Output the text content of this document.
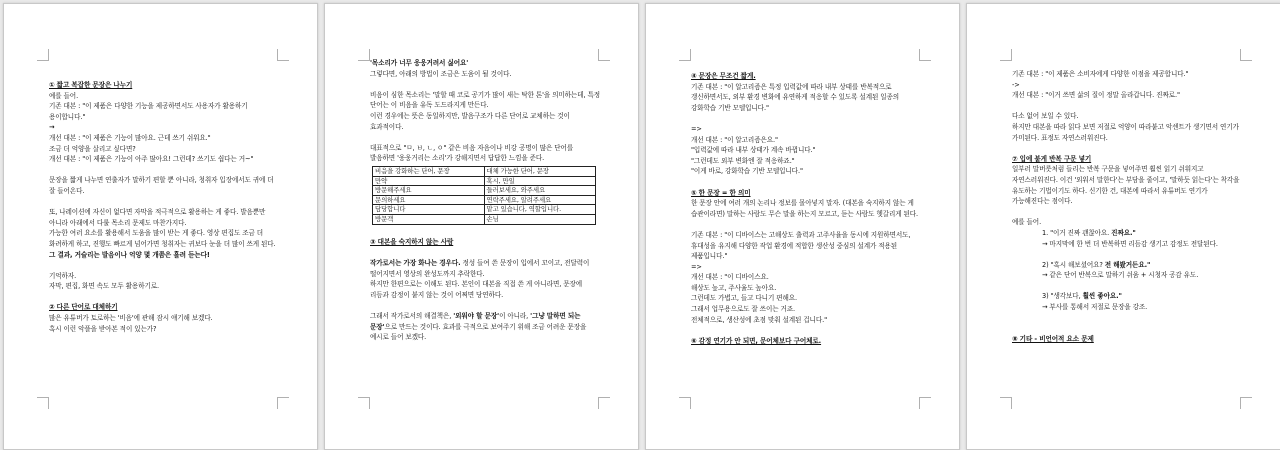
① 짧고 복잡한 문장은 나누기

예를 들어.

기존 대본 : "이 제품은 다양한 기능을 제공하면서도 사용자가 활용하기 용이합니다."

→

개선 대본 : "이 제품은 기능이 많아요. 근데 쓰기 쉬워요."

조금 더 억양을 살리고 싶다면?

개선 대본 : "이 제품은 기능이 아주 많아요! 그런데? 쓰기도 쉽다는 거~"

문장을 짧게 나누면 연출자가 말하기 편할 뿐 아니라, 청취자 입장에서도 귀에 더 잘 들어온다.

또, 나레이션에 자신이 없다면 자막을 적극적으로 활용하는 게 좋다. 발음뿐만 아니라 아래에서 다룰 목소리 문제도 마찬가지다.

가능한 여러 요소를 활용해서 도움을 많이 받는 게 좋다. 영상 편집도 조금 더 화려하게 하고, 진행도 빠르게 넘어가면 청취자는 귀보다 눈을 더 많이 쓰게 된다. 그 결과, 거슬리는 발음이나 억양 몇 개쯤은 흘려 듣는다!

기억하자.

자막, 편집, 화면 속도 모두 활용하기로.

② 다른 단어로 대체하기

많은 유튜버가 토로하는 '비음'에 관해 잠시 얘기해 보겠다.

혹시 이런 악플을 받아본 적이 있는가?

'목소리가 너무 웅웅거려서 싫어요'

그렇다면, 아래의 방법이 조금은 도움이 될 것이다.

비음이 심한 목소리는 '말할 때 코로 공기가 많이 새는 탁한 톤'을 의미하는데, 특정 단어는 이 비음을 유독 도드라지게 만든다.

이런 경우에는 뜻은 동일하지만, 발음구조가 다른 단어로 교체하는 것이 효과적이다.

대표적으로 "ㅁ, ㅂ, ㄴ, ㅇ" 같은 비음 자음이나 비강 공명이 많은 단어를 발음하면 '웅웅거리는 소리'가 강해지면서 답답한 느낌을 준다.

비음을 강화하는 단어, 문장	대체 가능한 단어, 문장
만약	혹시, 만일
방문해주세요	들러보세요, 와주세요
문의하세요	연락주세요, 알려주세요
담당합니다	맡고 있습니다, 역할입니다.
방문객	손님

③ 대본을 숙지하지 않는 사람

작가로서는 가장 화나는 경우다. 정성 들여 쓴 문장이 입에서 꼬이고, 전달력이 떨어지면서 영상의 완성도까지 추락한다.

하지만 한편으로는 이해도 된다. 본인이 대본을 직접 쓴 게 아니라면, 문장에 리듬과 감정이 붙지 않는 것이 어쩌면 당연하다.

그래서 작가로서의 해결책은, '외워야 할 문장'이 아니라, '그냥 말하면 되는 문장'으로 만드는 것이다. 효과를 극적으로 보여주기 위해 조금 어려운 문장을 예시로 들어 보겠다.

④ 문장은 무조건 짧게.

기존 대본 : "이 알고리즘은 특정 입력값에 따라 내부 상태를 반복적으로 갱신하면서도, 외부 환경 변화에 유연하게 적응할 수 있도록 설계된 일종의 강화학습 기반 모델입니다."

=>

개선 대본 : "이 알고리즘은요."

"입력값에 따라 내부 상태가 계속 바뀝니다."

"그런데도 외부 변화엔 잘 적응하죠."

"이게 바로, 강화학습 기반 모델입니다."

⑤ 한 문장 = 한 의미

한 문장 안에 여러 개의 논리나 정보를 몰아넣지 말자. (대본을 숙지하지 않는 게 습관이라면) 말하는 사람도 무슨 말을 하는지 모르고, 듣는 사람도 헷갈리게 된다.

기존 대본 : "이 디바이스는 고해상도 출력과 고주사율을 동시에 지원하면서도, 휴대성을 유지해 다양한 작업 환경에 적합한 생산성 중심의 설계가 적용된 제품입니다."

=>

개선 대본 : "이 디바이스요.

해상도 높고, 주사율도 높아요.

그런데도 가볍고, 들고 다니기 편해요.

그래서 업무용으로도 잘 쓰이는 거죠.

전체적으로, 생산성에 초점 맞춰 설계된 겁니다."

⑥ 감정 연기가 안 되면, 문어체보다 구어체로.

기존 대본 : "이 제품은 소비자에게 다양한 이점을 제공합니다."

->

개선 대본 : "이거 쓰면 삶의 질이 정말 올라갑니다. 진짜로."

다소 없어 보일 수 있다.

하지만 대본을 따라 읽다 보면 저절로 억양이 따라붙고 악센트가 생기면서 연기가 가미된다. 표정도 자연스러워진다.

⑦ 입에 붙게 반복 구문 넣기

일부러 말버릇처럼 들리는 반복 구문을 넣어주면 훨씬 읽기 쉬워지고 자연스러워진다. 이건 '외워서 말한다'는 부담을 줄이고, '말하듯 읽는다'는 착각을 유도하는 기법이기도 하다. 신기한 건, 대본에 따라서 유튜버도 연기가 가능해진다는 점이다.

예를 들어.

1. "이거 진짜 괜찮아요. 진짜요."

→ 마지막에 한 번 더 반복하면 리듬감 생기고 감정도 전달된다.

2) "혹시 해보셨어요? 전 해봤거든요."

→ 같은 단어 반복으로 말하기 쉬움 + 시청자 공감 유도.

3) "생각보다, 훨씬 좋아요."

→ 부사를 통해서 저절로 문장을 강조.

⑧ 기타 - 비언어적 요소 문제
